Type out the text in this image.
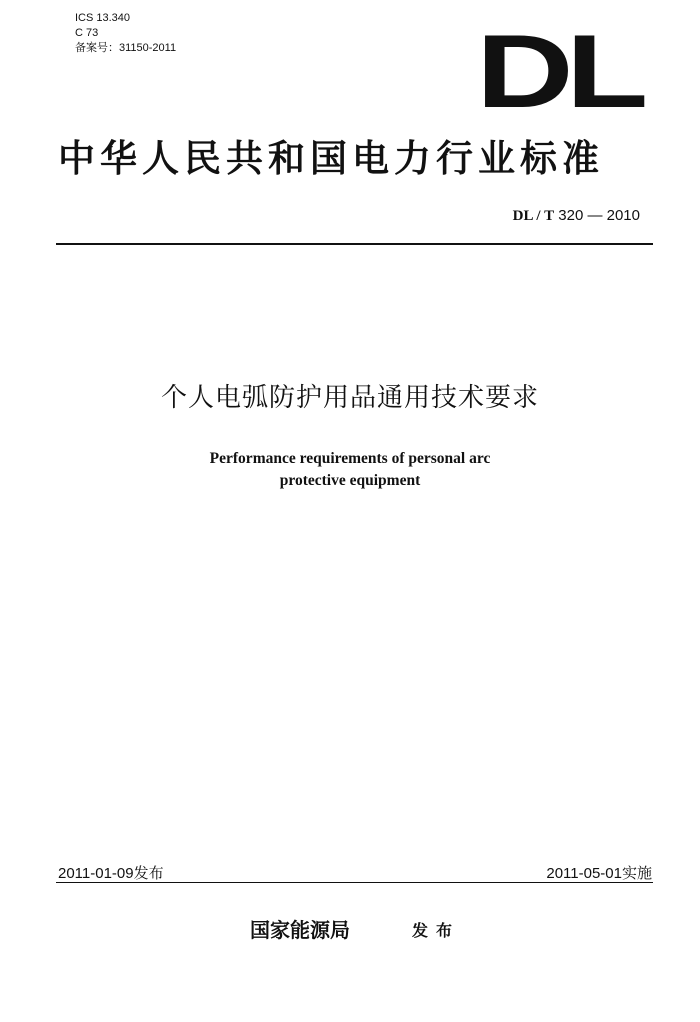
ICS 13.340
C 73
备案号：31150-2011	DL
中华人民共和国电力行业标准
DL / T 320 — 2010
个人电弧防护用品通用技术要求
Performance requirements of personal arc
protective equipment
2011-01-09发布	2011-05-01实施
国家能源局	发布
